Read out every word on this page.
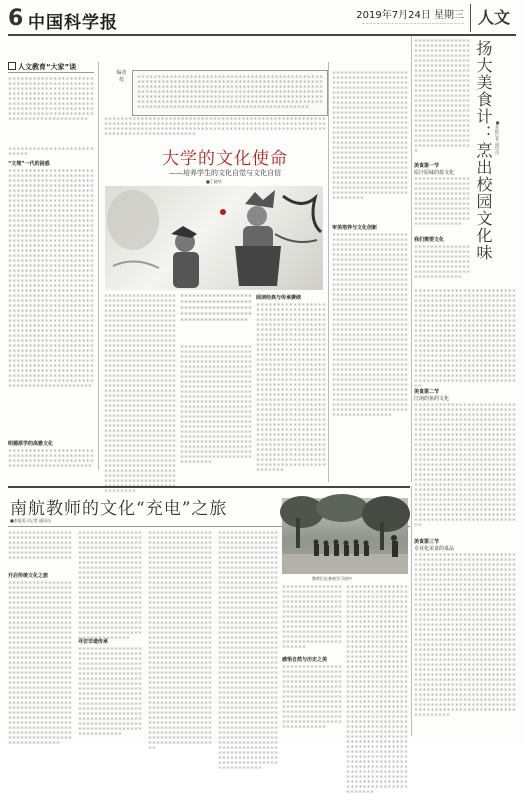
6 中国科学报	2019年7月24日 星期三
─ ─ ─ ─ ─ ─ ─ ─ ─ ─ ─ ─ ─ ─ ─ ─ ─ ─ ─ ─ ─ ─ ─ ─ ─ ─ ─ ─ 人文
人文教育“大家”谈
＊＊＊＊＊＊＊＊＊＊＊＊＊＊＊＊＊＊＊＊＊＊＊＊＊＊＊＊＊＊＊＊＊＊＊＊＊＊＊＊＊＊＊＊＊＊＊＊＊＊＊＊＊＊＊＊＊＊＊＊＊＊＊＊＊＊＊＊＊＊＊＊＊＊＊＊＊＊＊＊＊＊＊＊＊＊＊＊＊＊＊＊＊＊＊＊＊＊＊＊＊＊＊＊＊＊＊＊＊＊＊＊＊＊＊＊＊＊＊＊＊＊＊＊＊＊＊＊＊＊＊＊＊＊＊＊＊＊＊＊＊＊＊＊＊＊＊＊＊＊＊＊＊＊＊＊＊＊＊＊＊＊＊＊＊＊＊＊＊＊＊＊＊＊＊＊＊＊＊＊＊＊＊＊＊＊＊＊
＊＊＊＊＊＊＊＊＊＊＊＊＊＊＊＊＊＊＊＊＊＊＊＊＊＊
“文理”一代的困惑
＊＊＊＊＊＊＊＊＊＊＊＊＊＊＊＊＊＊＊＊＊＊＊＊＊＊＊＊＊＊＊＊＊＊＊＊＊＊＊＊＊＊＊＊＊＊＊＊＊＊＊＊＊＊＊＊＊＊＊＊＊＊＊＊＊＊＊＊＊＊＊＊＊＊＊＊＊＊＊＊＊＊＊＊＊＊＊＊＊＊＊＊＊＊＊＊＊＊＊＊＊＊＊＊＊＊＊＊＊＊＊＊＊＊＊＊＊＊＊＊＊＊＊＊＊＊＊＊＊＊＊＊＊＊＊＊＊＊＊＊＊＊＊＊＊＊＊＊＊＊＊＊＊＊＊＊＊＊＊＊＊＊＊＊＊＊＊＊＊＊＊＊＊＊＊＊＊＊＊＊＊＊＊＊＊＊＊＊＊＊＊＊＊＊＊＊＊＊＊＊＊＊＊＊＊＊＊＊＊＊＊＊＊＊＊＊＊＊＊＊＊＊＊＊＊＊＊＊＊＊＊＊＊＊＊＊＊＊＊＊＊＊＊＊＊＊＊＊＊＊＊＊＊＊＊＊＊＊＊＊＊＊＊＊＊＊＊＊＊＊＊＊＊＊＊＊＊＊＊＊＊＊＊＊＊＊＊＊＊＊＊＊＊＊＊＊＊＊＊＊＊＊＊＊＊＊＊＊＊＊＊＊＊＊＊＊＊＊＊＊＊＊＊＊＊＊＊＊＊＊＊＊＊＊＊＊＊＊＊＊＊＊＊＊＊＊＊＊＊＊＊＊＊＊＊＊＊＊＊＊＊＊＊＊＊＊＊＊＊＊＊＊＊＊＊＊＊＊＊＊＊＊＊＊＊＊＊＊＊＊＊＊＊＊＊＊＊＊＊＊＊＊＊＊＊＊＊＊＊＊＊＊＊＊＊＊＊＊＊＊＊＊＊＊＊＊＊＊＊＊＊＊＊＊＊＊＊＊＊＊＊＊＊＊＊＊＊＊＊＊＊＊＊＊＊＊＊＊＊＊＊＊＊＊＊＊＊＊＊＊＊＊＊＊＊＊＊＊＊＊＊＊＊＊＊＊＊＊＊＊＊＊＊＊＊＊＊＊＊＊＊＊＊＊＊＊＊＊＊＊＊＊＊＊＊＊＊＊＊＊＊＊＊＊＊＊＊＊＊＊＊＊＊＊＊＊＊＊＊＊＊＊＊＊＊＊＊＊＊＊＊＊＊＊＊＊＊＊＊＊＊＊＊＊＊＊＊＊＊＊＊＊＊＊＊＊＊＊＊＊＊＊＊＊＊＊＊＊＊＊＊＊＊＊＊＊＊＊＊＊＊＊＊＊＊＊＊＊＊＊＊＊＊＊＊＊＊＊＊＊＊＊＊＊＊＊＊＊＊＊＊＊＊＊＊＊＊＊＊＊＊＊＊＊＊＊＊＊＊＊＊＊＊＊＊＊＊＊＊＊＊＊＊＊＊＊＊＊＊＊＊＊＊＊＊＊＊＊＊＊＊＊＊＊＊＊＊＊＊＊＊＊＊＊＊＊＊＊＊＊＊＊＊＊＊＊＊＊＊＊＊＊＊＊＊＊＊＊＊＊＊＊＊＊＊＊＊＊＊＊＊＊＊＊＊＊＊＊＊＊＊＊＊＊＊＊＊＊＊＊＊＊＊＊＊＊＊＊＊＊＊＊＊＊＊＊＊＊＊＊＊＊＊＊＊＊＊＊＊＊＊＊＊＊＊＊＊＊＊＊＊＊＊＊＊＊＊＊＊＊＊＊＊＊＊＊＊＊＊＊＊＊＊＊＊＊＊＊＊＊＊＊＊＊＊＊＊＊＊＊＊＊＊＊＊＊＊＊＊＊＊＊＊＊＊＊＊＊＊＊＊＊＊＊＊＊＊＊＊＊＊＊＊＊＊＊＊＊＊＊＊＊＊＊＊＊＊＊＊＊＊＊＊＊＊＊＊＊＊＊＊＊＊＊＊＊＊＊＊＊＊＊＊＊＊＊＊＊＊＊＊＊＊＊＊＊＊＊＊＊＊＊＊＊
明德厚学的高雅文化
＊＊＊＊＊＊＊＊＊＊＊＊＊＊＊＊＊＊＊＊＊＊＊＊＊＊＊＊＊＊＊＊＊＊＊＊＊＊＊＊＊＊＊＊＊＊＊＊＊＊＊＊＊＊＊＊＊＊＊＊＊＊＊＊＊＊＊＊＊＊＊＊＊＊＊＊＊＊＊＊＊＊＊＊
编者按
＊＊＊＊＊＊＊＊＊＊＊＊＊＊＊＊＊＊＊＊＊＊＊＊＊＊＊＊＊＊＊＊＊＊＊＊＊＊＊＊＊＊＊＊＊＊＊＊＊＊＊＊＊＊＊＊＊＊＊＊＊＊＊＊＊＊＊＊＊＊＊＊＊＊＊＊＊＊＊＊＊＊＊＊＊＊＊＊＊＊＊＊＊＊＊＊＊＊＊＊＊＊＊＊＊＊＊＊＊＊＊＊＊＊＊＊＊＊＊＊＊＊＊＊＊＊＊＊＊＊＊＊＊＊＊＊＊＊＊＊＊＊＊＊＊＊＊＊＊＊＊＊＊＊＊＊＊＊＊＊＊＊＊＊＊＊＊＊＊＊＊＊＊＊＊＊＊＊＊＊＊＊＊＊＊＊＊＊＊＊＊＊＊＊＊＊＊＊＊＊＊＊＊＊＊＊＊＊＊＊＊＊＊＊＊＊＊＊＊＊＊＊＊＊＊＊＊＊＊＊＊＊＊＊＊＊＊＊＊＊＊＊＊＊＊＊＊＊＊＊＊＊＊＊＊＊＊＊＊＊＊＊＊＊＊＊＊＊＊＊＊＊＊＊＊＊＊＊＊＊＊＊＊＊＊＊＊＊＊＊＊＊＊＊＊＊＊＊＊＊＊＊＊＊＊＊＊＊＊＊＊＊＊＊＊＊＊＊＊
＊＊＊＊＊＊＊＊＊＊＊＊＊＊＊＊＊＊＊＊＊＊＊＊＊＊＊＊＊＊＊＊＊＊＊＊＊＊＊＊＊＊＊＊＊＊＊＊＊＊＊＊＊＊＊＊＊＊＊＊＊＊＊＊＊＊＊＊＊＊＊＊＊＊＊＊＊＊＊＊＊＊＊＊＊＊＊＊＊＊＊＊＊＊＊＊＊＊＊＊＊＊＊＊＊＊＊＊＊＊＊＊＊＊＊＊＊＊＊＊＊＊＊＊＊＊＊＊＊＊＊＊＊＊＊＊＊＊＊＊＊＊＊＊＊＊＊＊＊＊＊＊＊＊＊＊＊＊＊＊＊＊＊＊＊＊＊＊＊＊＊＊＊＊＊＊＊＊＊＊＊＊＊＊＊＊＊＊
大学的文化使命
——培养学生的文化自觉与文化自信
■丁晓华
＊＊＊＊＊＊＊＊＊＊＊＊＊＊＊＊＊＊＊＊＊＊＊＊＊＊＊＊＊＊＊＊＊＊＊＊＊＊＊＊＊＊＊＊＊＊＊＊＊＊＊＊＊＊＊＊＊＊＊＊＊＊＊＊＊＊＊＊＊＊＊＊＊＊＊＊＊＊＊＊＊＊＊＊＊＊＊＊＊＊＊＊＊＊＊＊＊＊＊＊＊＊＊＊＊＊＊＊＊＊＊＊＊＊＊＊＊＊＊＊＊＊＊＊＊＊＊＊＊＊＊＊＊＊＊＊＊＊＊＊＊＊＊＊＊＊＊＊＊＊＊＊＊＊＊＊＊＊＊＊＊＊＊＊＊＊＊＊＊＊＊＊＊＊＊＊＊＊＊＊＊＊＊＊＊＊＊＊＊＊＊＊＊＊＊＊＊＊＊＊＊＊＊＊＊＊＊＊＊＊＊＊＊＊＊＊＊＊＊＊＊＊＊＊＊＊＊＊＊＊＊＊＊＊＊＊＊＊＊＊＊＊＊＊＊＊＊＊＊＊＊＊＊＊＊＊＊＊＊＊＊＊＊＊＊＊＊＊＊＊＊＊＊＊＊＊＊＊＊＊＊＊＊＊＊＊＊＊＊＊＊＊＊＊＊＊＊＊＊＊＊＊＊＊＊＊＊＊＊＊＊＊＊＊＊＊＊＊＊＊＊＊＊＊＊＊＊＊＊＊＊＊＊＊＊＊＊＊＊＊＊＊＊＊＊＊＊＊＊＊＊＊＊＊＊＊＊＊＊＊＊＊＊＊＊＊＊＊＊＊＊＊＊＊＊＊＊＊＊＊＊＊＊＊＊＊＊＊＊＊＊＊＊＊＊＊＊＊＊＊＊＊＊＊＊＊＊＊＊＊＊＊＊＊＊＊＊＊＊＊＊＊＊＊＊＊＊＊＊＊＊＊＊＊＊＊＊＊＊＊＊＊＊＊＊＊＊＊＊＊＊＊＊＊＊＊＊＊＊＊＊＊＊＊＊＊＊＊＊＊＊＊＊＊＊＊＊＊＊＊＊＊＊＊＊＊＊＊＊＊＊＊＊＊＊＊＊＊＊＊＊＊＊＊＊＊＊＊＊＊＊＊＊＊＊＊＊＊＊＊＊＊＊＊＊＊＊＊＊＊＊＊＊＊＊＊＊＊＊＊＊＊＊＊＊＊＊＊＊＊＊＊＊＊＊＊＊＊＊＊＊＊＊＊＊＊＊＊＊＊＊＊＊＊＊＊＊＊＊＊＊＊＊＊＊＊＊＊＊＊＊＊＊＊＊＊＊＊＊＊＊＊＊＊＊＊＊＊＊＊＊＊＊＊＊＊＊＊＊＊＊＊＊＊＊＊＊＊＊＊＊＊＊＊＊＊＊＊＊＊＊＊＊＊＊＊＊＊＊＊＊＊＊＊＊＊＊＊＊＊＊＊＊＊＊＊＊＊＊＊＊＊＊＊＊＊＊＊＊＊＊＊＊＊ ＊＊＊＊＊＊＊＊
＊＊＊＊＊＊＊＊＊＊＊＊＊＊＊＊＊＊＊＊＊＊＊＊＊＊＊＊＊＊＊＊＊＊＊＊＊＊＊＊＊＊＊＊＊＊＊＊＊＊＊＊＊＊＊＊＊＊＊＊＊＊＊＊＊＊＊＊＊＊＊＊＊＊＊＊＊＊＊＊＊＊＊＊＊＊＊＊＊
＊＊＊＊＊＊＊＊＊＊＊＊＊＊＊＊＊＊＊＊＊＊＊＊＊＊＊＊＊＊＊＊＊＊＊＊＊＊＊＊＊＊＊＊＊＊＊＊＊＊＊＊＊＊＊＊＊＊＊＊＊＊＊＊＊＊＊＊＊＊＊＊＊＊＊＊＊＊＊＊＊＊＊＊＊＊＊＊＊＊＊＊＊＊＊＊＊＊＊＊＊＊＊＊＊＊＊＊＊＊＊＊＊＊＊＊＊＊＊＊＊＊＊＊＊＊＊＊＊＊＊＊＊＊＊＊＊＊＊＊＊＊＊＊＊＊＊＊＊＊＊＊＊＊＊＊＊＊＊＊＊＊＊＊＊＊＊＊＊＊＊＊＊＊＊＊＊＊＊＊＊＊＊＊＊＊＊＊＊＊＊＊＊＊＊＊＊＊＊＊＊＊＊＊＊＊＊＊＊＊＊＊＊＊＊＊＊＊＊＊＊＊＊＊＊＊＊＊＊＊＊＊＊＊＊＊＊＊＊＊＊＊＊＊＊＊＊＊＊＊＊＊＊＊＊＊＊＊＊＊＊＊＊＊＊＊＊＊＊＊＊＊＊＊＊＊＊＊＊＊＊＊＊＊＊＊＊＊＊＊＊＊＊＊＊＊＊＊＊＊＊＊＊＊＊＊＊＊＊＊＊＊＊＊＊＊＊＊＊＊＊＊＊＊＊＊＊＊＊＊＊＊＊＊＊＊＊＊＊＊＊＊＊＊＊＊＊＊＊＊＊＊＊＊＊＊＊＊＊＊＊＊＊＊＊＊＊＊＊＊＊＊＊＊＊＊＊＊＊＊＊＊＊＊＊＊＊＊＊＊＊＊＊＊＊＊＊＊＊＊＊＊＊＊＊＊＊＊＊＊＊＊＊＊＊＊＊＊＊＊＊＊
阅读经典与传承赓续
＊＊＊＊＊＊＊＊＊＊＊＊＊＊＊＊＊＊＊＊＊＊＊＊＊＊＊＊＊＊＊＊＊＊＊＊＊＊＊＊＊＊＊＊＊＊＊＊＊＊＊＊＊＊＊＊＊＊＊＊＊＊＊＊＊＊＊＊＊＊＊＊＊＊＊＊＊＊＊＊＊＊＊＊＊＊＊＊＊＊＊＊＊＊＊＊＊＊＊＊＊＊＊＊＊＊＊＊＊＊＊＊＊＊＊＊＊＊＊＊＊＊＊＊＊＊＊＊＊＊＊＊＊＊＊＊＊＊＊＊＊＊＊＊＊＊＊＊＊＊＊＊＊＊＊＊＊＊＊＊＊＊＊＊＊＊＊＊＊＊＊＊＊＊＊＊＊＊＊＊＊＊＊＊＊＊＊＊＊＊＊＊＊＊＊＊＊＊＊＊＊＊＊＊＊＊＊＊＊＊＊＊＊＊＊＊＊＊＊＊＊＊＊＊＊＊＊＊＊＊＊＊＊＊＊＊＊＊＊＊＊＊＊＊＊＊＊＊＊＊＊＊＊＊＊＊＊＊＊＊＊＊＊＊＊＊＊＊＊＊＊＊＊＊＊＊＊＊＊＊＊＊＊＊＊＊＊＊＊＊＊＊＊＊＊＊＊＊＊＊＊＊＊＊＊＊＊＊＊＊＊＊＊＊＊＊＊＊＊＊＊＊＊＊＊＊＊＊＊＊＊＊＊＊＊＊＊＊＊＊＊＊＊＊＊＊＊＊＊＊＊＊＊＊＊＊＊＊＊＊＊＊＊＊＊＊＊＊＊＊＊＊＊＊＊＊＊＊＊＊＊＊＊＊＊＊＊＊＊＊＊＊＊＊＊＊＊＊＊＊＊＊＊＊＊＊＊＊＊＊＊＊＊＊＊＊＊＊＊＊＊＊＊＊＊＊＊＊＊＊＊＊＊＊＊＊＊＊＊＊＊＊＊＊＊＊＊＊＊＊＊＊＊＊＊＊＊＊＊＊＊＊＊＊＊＊＊＊＊＊＊＊＊＊＊＊＊＊＊＊＊＊＊＊＊＊＊＊＊＊＊＊＊＊＊＊＊＊＊＊＊＊＊＊＊＊＊＊＊＊＊＊＊＊＊＊＊＊＊＊＊＊＊＊＊＊＊＊＊＊＊＊＊＊＊＊＊＊＊＊＊＊＊＊＊＊＊＊＊＊＊＊＊＊＊＊＊＊＊＊＊＊＊＊＊＊＊＊
＊＊＊＊＊＊＊＊＊＊＊＊＊＊＊＊＊＊＊＊＊＊＊＊＊＊＊＊＊＊＊＊＊＊＊＊＊＊＊＊＊＊＊＊＊＊＊＊＊＊＊＊＊＊＊＊＊＊＊＊＊＊＊＊＊＊＊＊＊＊＊＊＊＊＊＊＊＊＊＊＊＊＊＊＊＊＊＊＊＊＊＊＊＊＊＊＊＊＊＊＊＊＊＊＊＊＊＊＊＊＊＊＊＊＊＊＊＊＊＊＊＊＊＊＊＊＊＊＊＊＊＊＊＊＊＊＊＊＊＊＊＊＊＊＊＊＊＊＊＊＊＊＊＊＊＊＊＊＊＊＊＊＊＊＊＊＊＊＊＊＊＊＊＊＊＊＊＊＊＊＊＊＊＊＊＊＊＊＊＊＊＊＊＊＊＊＊＊＊＊＊＊＊＊＊＊＊＊＊＊＊＊＊＊＊＊＊＊＊＊＊＊＊＊＊＊＊＊＊＊＊＊＊＊＊＊＊＊＊＊＊＊＊＊＊＊＊＊＊＊＊＊＊＊＊＊＊＊＊＊＊＊＊＊＊＊＊＊＊＊＊＊＊＊＊＊＊＊＊＊＊＊＊＊＊＊＊＊＊＊＊＊＊＊＊＊＊＊＊＊＊＊＊＊＊＊＊＊＊＊＊＊＊＊＊＊＊＊＊＊＊＊＊＊＊＊＊＊＊＊＊＊＊＊＊＊＊＊＊＊＊＊＊＊＊＊＊＊＊＊＊＊＊＊＊＊＊＊＊＊＊＊＊＊＊＊＊＊＊＊＊＊＊＊＊＊＊＊＊＊＊＊＊＊＊＊＊＊＊＊＊＊＊＊＊＊＊＊＊＊＊＊＊＊＊＊＊＊＊＊＊＊＊＊＊＊＊＊＊＊＊＊＊＊＊＊＊＊＊＊＊＊＊＊＊＊＊＊＊＊＊＊＊＊＊＊＊＊＊＊＊＊＊＊＊＊＊＊＊＊＊＊＊＊＊＊＊＊＊＊＊＊＊＊＊＊＊＊＊＊＊＊＊
审美培养与文化创新
＊＊＊＊＊＊＊＊＊＊＊＊＊＊＊＊＊＊＊＊＊＊＊＊＊＊＊＊＊＊＊＊＊＊＊＊＊＊＊＊＊＊＊＊＊＊＊＊＊＊＊＊＊＊＊＊＊＊＊＊＊＊＊＊＊＊＊＊＊＊＊＊＊＊＊＊＊＊＊＊＊＊＊＊＊＊＊＊＊＊＊＊＊＊＊＊＊＊＊＊＊＊＊＊＊＊＊＊＊＊＊＊＊＊＊＊＊＊＊＊＊＊＊＊＊＊＊＊＊＊＊＊＊＊＊＊＊＊＊＊＊＊＊＊＊＊＊＊＊＊＊＊＊＊＊＊＊＊＊＊＊＊＊＊＊＊＊＊＊＊＊＊＊＊＊＊＊＊＊＊＊＊＊＊＊＊＊＊＊＊＊＊＊＊＊＊＊＊＊＊＊＊＊＊＊＊＊＊＊＊＊＊＊＊＊＊＊＊＊＊＊＊＊＊＊＊＊＊＊＊＊＊＊＊＊＊＊＊＊＊＊＊＊＊＊＊＊＊＊＊＊＊＊＊＊＊＊＊＊＊＊＊＊＊＊＊＊＊＊＊＊＊＊＊＊＊＊＊＊＊＊＊＊＊＊＊＊＊＊＊＊＊＊＊＊＊＊＊＊＊＊＊＊＊＊＊＊＊＊＊＊＊＊＊＊＊＊＊＊＊＊＊＊＊＊＊＊＊＊＊＊＊＊＊＊＊＊＊＊＊＊＊＊＊＊＊＊＊＊＊＊＊＊＊＊＊＊＊＊＊＊＊＊＊＊＊＊＊＊＊＊＊＊＊＊＊＊＊＊＊＊＊＊＊＊＊＊＊＊＊＊＊＊＊＊＊＊＊＊＊＊＊＊＊＊＊＊＊＊＊＊＊＊＊＊＊＊＊＊＊＊＊＊＊＊＊＊＊＊＊＊＊＊＊＊＊＊＊＊＊＊＊＊＊＊＊＊＊＊＊＊＊＊＊＊＊＊＊＊＊＊＊＊＊＊＊＊＊＊＊＊＊＊＊＊＊＊＊＊＊＊＊＊＊＊＊＊＊＊＊＊＊＊＊＊＊＊＊＊＊＊＊＊＊＊＊＊＊＊＊＊＊＊＊＊＊＊＊＊＊＊＊＊＊＊＊＊＊＊＊＊＊＊＊＊＊＊＊＊＊＊＊＊＊＊＊＊＊＊＊＊＊＊＊＊＊＊＊＊＊＊＊＊＊＊＊＊＊＊＊＊＊＊＊＊＊＊＊＊＊＊＊＊＊＊＊＊＊＊＊＊＊＊＊＊＊＊＊＊＊＊＊＊＊＊＊＊＊＊＊＊＊＊＊＊＊＊＊＊＊＊＊＊＊＊＊＊＊＊＊＊＊＊＊＊＊＊＊＊＊＊＊＊＊＊＊＊＊＊＊＊＊＊＊＊＊＊＊＊＊＊＊＊＊＊＊＊＊＊＊＊＊＊＊＊＊＊＊＊＊＊＊＊＊＊＊＊＊＊＊＊＊＊＊＊＊＊＊＊
＊＊＊＊＊＊＊＊＊＊＊＊＊＊＊＊＊＊＊＊＊＊＊＊＊＊＊＊＊＊＊＊＊＊＊＊＊＊＊＊＊＊＊＊＊＊＊＊＊＊＊＊＊＊＊＊＊＊＊＊＊＊＊＊＊＊＊＊＊＊＊＊＊＊＊＊＊＊＊＊＊＊＊＊＊＊＊＊＊＊＊＊＊＊＊＊＊＊＊＊＊＊＊＊＊＊＊＊＊＊＊＊＊＊＊＊＊＊＊＊＊＊＊＊＊＊＊＊＊＊＊＊＊＊＊＊＊＊＊＊＊＊＊＊＊＊＊＊＊＊＊＊＊＊＊＊＊＊＊＊＊＊＊＊＊＊＊＊＊＊＊＊＊＊＊＊＊＊＊＊＊＊＊＊＊＊＊＊＊＊＊＊＊＊＊＊＊＊＊＊＊＊＊＊＊＊＊＊＊＊＊＊＊＊＊＊＊＊＊＊＊＊＊＊＊＊＊＊＊＊＊＊＊＊＊＊＊＊＊＊＊＊＊＊＊＊＊＊＊＊＊＊＊＊＊＊＊＊＊＊＊＊＊＊＊＊＊＊＊＊＊＊＊＊＊＊＊＊＊＊＊＊＊＊＊＊＊＊＊＊＊＊＊＊＊＊＊＊＊＊＊＊＊＊＊＊＊＊＊	扬大美食计：烹出校园文化味 ■本报记者 通讯员
美食第一节
原汁原味的盐文化
＊＊＊＊＊＊＊＊＊＊＊＊＊＊＊＊＊＊＊＊＊＊＊＊＊＊＊＊＊＊＊＊＊＊＊＊＊＊＊＊＊＊＊＊＊＊＊＊＊＊＊＊＊＊＊＊＊＊＊＊＊＊＊＊＊＊＊＊＊＊＊＊＊＊＊＊＊＊＊＊＊＊＊＊＊＊＊＊＊＊＊＊＊＊＊＊＊＊＊＊＊＊＊＊＊＊＊＊＊＊＊＊＊＊＊＊＊＊＊＊＊＊＊＊＊＊＊＊＊＊＊＊＊＊＊＊＊＊
我们需要文化
＊＊＊＊＊＊＊＊＊＊＊＊＊＊＊＊＊＊＊＊＊＊＊＊＊＊＊＊＊＊＊＊＊＊＊＊＊＊＊＊＊＊＊＊＊＊＊＊＊＊＊＊＊＊＊＊＊＊＊＊＊＊＊＊＊＊＊＊＊＊＊＊＊＊＊＊＊＊＊＊＊＊＊＊＊＊＊＊＊＊＊＊＊＊＊＊
＊＊＊＊＊＊＊＊＊＊＊＊＊＊＊＊＊＊＊＊＊＊＊＊＊＊＊＊＊＊＊＊＊＊＊＊＊＊＊＊＊＊＊＊＊＊＊＊＊＊＊＊＊＊＊＊＊＊＊＊＊＊＊＊＊＊＊＊＊＊＊＊＊＊＊＊＊＊＊＊＊＊＊＊＊＊＊＊＊＊＊＊＊＊＊＊＊＊＊＊＊＊＊＊＊＊＊＊＊＊＊＊＊＊＊＊＊＊＊＊＊＊＊＊＊＊＊＊＊＊＊＊＊＊＊＊＊＊＊＊＊＊＊＊＊＊＊＊＊＊＊＊＊＊＊＊＊＊＊＊＊＊＊＊＊＊＊＊＊＊＊＊＊＊＊＊＊＊＊＊＊＊＊＊＊＊＊＊＊＊＊＊＊＊＊＊＊＊＊＊＊＊＊＊＊＊＊＊＊＊＊＊＊＊＊＊＊＊＊＊＊＊＊＊＊＊＊＊＊＊＊＊＊＊＊＊＊＊＊＊＊＊＊＊＊＊＊＊＊＊＊＊＊＊＊＊＊＊＊＊＊＊＊＊＊＊＊＊＊＊＊＊＊＊＊＊＊＊＊＊＊＊＊＊＊＊＊＊＊＊＊＊＊＊＊＊＊＊＊＊＊＊＊＊＊＊＊＊＊＊＊＊＊＊＊＊＊＊＊＊＊＊＊＊＊＊＊＊＊＊＊＊＊＊＊＊＊＊＊＊＊＊＊＊＊＊＊＊＊＊＊＊＊＊＊＊＊＊＊＊＊＊＊＊＊＊＊＊＊＊＊＊＊＊＊＊＊＊＊＊＊＊＊＊＊＊＊＊＊＊＊＊＊＊＊＊＊＊＊＊＊＊＊＊＊＊＊＊＊＊＊＊＊＊＊＊＊＊＊＊＊＊＊＊＊＊＊＊＊＊＊＊＊＊＊＊＊＊＊＊＊＊＊＊＊＊＊＊＊＊＊＊＊＊＊＊＊＊＊＊＊＊＊＊＊＊＊＊＊＊＊＊＊＊＊＊＊
美食第二节
江南的鱼的文化
＊＊＊＊＊＊＊＊＊＊＊＊＊＊＊＊＊＊＊＊＊＊＊＊＊＊＊＊＊＊＊＊＊＊＊＊＊＊＊＊＊＊＊＊＊＊＊＊＊＊＊＊＊＊＊＊＊＊＊＊＊＊＊＊＊＊＊＊＊＊＊＊＊＊＊＊＊＊＊＊＊＊＊＊＊＊＊＊＊＊＊＊＊＊＊＊＊＊＊＊＊＊＊＊＊＊＊＊＊＊＊＊＊＊＊＊＊＊＊＊＊＊＊＊＊＊＊＊＊＊＊＊＊＊＊＊＊＊＊＊＊＊＊＊＊＊＊＊＊＊＊＊＊＊＊＊＊＊＊＊＊＊＊＊＊＊＊＊＊＊＊＊＊＊＊＊＊＊＊＊＊＊＊＊＊＊＊＊＊＊＊＊＊＊＊＊＊＊＊＊＊＊＊＊＊＊＊＊＊＊＊＊＊＊＊＊＊＊＊＊＊＊＊＊＊＊＊＊＊＊＊＊＊＊＊＊＊＊＊＊＊＊＊＊＊＊＊＊＊＊＊＊＊＊＊＊＊＊＊＊＊＊＊＊＊＊＊＊＊＊＊＊＊＊＊＊＊＊＊＊＊＊＊＊＊＊＊＊＊＊＊＊＊＊＊＊＊＊＊＊＊＊＊＊＊＊＊＊＊＊＊＊＊＊＊＊＊＊＊＊＊＊＊＊＊＊＊＊＊＊＊＊＊＊＊＊＊＊＊＊＊＊＊＊＊＊＊＊＊＊＊＊＊＊＊＊＊＊＊＊＊＊＊＊＊＊＊＊＊＊＊＊＊＊＊＊＊＊＊＊＊＊＊＊＊＊＊＊＊＊＊＊＊＊＊＊＊＊＊＊＊＊＊＊＊＊＊＊＊＊＊＊＊＊＊＊＊＊＊＊＊＊＊＊＊＊＊＊＊＊＊＊＊＊＊＊＊＊＊＊＊＊＊＊＊＊＊＊＊＊＊＊＊＊＊＊＊＊＊＊＊＊＊＊＊＊＊＊＊＊＊＊＊＊＊＊＊＊＊＊＊＊＊＊＊＊＊＊＊＊＊＊＊＊＊＊＊＊＊＊＊＊＊＊＊＊＊＊＊＊＊＊＊＊＊＊＊＊＊＊＊＊＊＊＊＊＊＊＊＊＊＊＊＊＊＊＊＊＊＊＊＊＊＊＊＊＊＊＊＊＊＊＊＊＊＊＊＊＊＊＊＊＊＊＊＊＊＊＊＊＊＊＊＊＊＊＊＊＊＊＊＊＊＊＊＊＊＊＊＊＊＊＊＊＊＊＊＊＊＊＊＊
美食第三节
专业化美食的菜品
＊＊＊＊＊＊＊＊＊＊＊＊＊＊＊＊＊＊＊＊＊＊＊＊＊＊＊＊＊＊＊＊＊＊＊＊＊＊＊＊＊＊＊＊＊＊＊＊＊＊＊＊＊＊＊＊＊＊＊＊＊＊＊＊＊＊＊＊＊＊＊＊＊＊＊＊＊＊＊＊＊＊＊＊＊＊＊＊＊＊＊＊＊＊＊＊＊＊＊＊＊＊＊＊＊＊＊＊＊＊＊＊＊＊＊＊＊＊＊＊＊＊＊＊＊＊＊＊＊＊＊＊＊＊＊＊＊＊＊＊＊＊＊＊＊＊＊＊＊＊＊＊＊＊＊＊＊＊＊＊＊＊＊＊＊＊＊＊＊＊＊＊＊＊＊＊＊＊＊＊＊＊＊＊＊＊＊＊＊＊＊＊＊＊＊＊＊＊＊＊＊＊＊＊＊＊＊＊＊＊＊＊＊＊＊＊＊＊＊＊＊＊＊＊＊＊＊＊＊＊＊＊＊＊＊＊＊＊＊＊＊＊＊＊＊＊＊＊＊＊＊＊＊＊＊＊＊＊＊＊＊＊＊＊＊＊＊＊＊＊＊＊＊＊＊＊＊＊＊＊＊＊＊＊＊＊＊＊＊＊＊＊＊＊＊＊＊＊＊＊＊＊＊＊＊＊＊＊＊＊＊＊＊＊＊＊＊＊＊＊＊＊＊＊＊＊＊＊＊＊＊＊＊＊＊＊＊＊＊＊＊＊＊＊＊＊＊＊＊＊＊＊＊＊＊＊＊＊＊＊＊＊＊＊＊＊＊＊＊＊＊＊＊＊＊＊＊＊＊＊＊＊＊＊＊＊＊＊＊＊＊＊＊＊＊＊＊＊＊＊＊＊＊＊＊＊＊＊＊＊＊＊＊＊＊＊＊＊＊＊＊＊＊＊＊＊＊＊＊＊＊＊＊＊＊＊＊＊＊＊＊＊＊＊＊＊＊＊＊＊＊＊＊＊＊＊＊＊＊＊＊＊＊＊＊＊＊＊＊＊＊＊＊＊＊＊＊＊＊＊＊＊＊＊＊＊＊＊＊＊＊＊＊＊＊＊＊＊＊＊＊＊＊＊＊＊＊＊＊＊＊＊＊＊＊＊＊＊＊＊＊＊＊＊＊＊＊＊＊＊＊＊＊＊＊＊＊＊＊＊＊＊＊＊＊＊＊＊＊＊＊＊＊＊＊＊＊＊＊＊＊＊＊＊＊＊＊＊＊＊＊＊＊＊＊＊＊＊＊＊＊＊＊＊＊＊＊＊＊＊＊＊＊＊＊＊＊＊＊＊＊＊＊＊＊＊＊＊＊＊＊＊＊＊＊＊＊＊＊＊＊＊＊＊＊＊＊＊＊＊＊＊＊＊＊＊＊＊＊＊＊＊＊＊＊＊＊＊＊＊＊＊＊＊＊＊＊＊＊＊＊＊＊＊＊＊＊＊＊＊＊＊＊＊＊＊＊＊＊＊＊＊＊＊＊＊＊＊＊＊＊＊＊＊＊＊＊＊＊＊＊＊＊＊＊＊＊＊＊＊＊＊＊＊＊＊＊＊＊＊＊＊＊＊＊＊＊＊＊＊＊＊＊＊＊＊＊＊＊＊＊＊＊＊＊＊＊＊＊＊＊＊＊＊＊＊＊＊＊＊＊＊＊＊＊＊＊＊＊＊＊＊＊＊＊＊＊＊＊＊＊＊＊＊＊＊＊＊＊＊＊＊＊＊＊＊＊＊＊＊＊＊＊＊＊＊＊＊＊
南航教师的文化“充电”之旅
■本报见习记者 通讯员
＊＊＊＊＊＊＊＊＊＊＊＊＊＊＊＊＊＊＊＊＊＊＊＊＊＊＊＊＊＊＊＊＊＊＊＊＊＊＊＊＊＊＊＊＊＊＊＊＊＊＊＊＊＊＊＊＊＊＊＊＊＊＊＊＊＊＊＊＊＊＊＊＊＊＊＊＊＊＊＊＊＊＊＊＊＊＊＊＊＊＊＊＊＊＊＊
开启传统文化之旅
＊＊＊＊＊＊＊＊＊＊＊＊＊＊＊＊＊＊＊＊＊＊＊＊＊＊＊＊＊＊＊＊＊＊＊＊＊＊＊＊＊＊＊＊＊＊＊＊＊＊＊＊＊＊＊＊＊＊＊＊＊＊＊＊＊＊＊＊＊＊＊＊＊＊＊＊＊＊＊＊＊＊＊＊＊＊＊＊＊＊＊＊＊＊＊＊＊＊＊＊＊＊＊＊＊＊＊＊＊＊＊＊＊＊＊＊＊＊＊＊＊＊＊＊＊＊＊＊＊＊＊＊＊＊＊＊＊＊＊＊＊＊＊＊＊＊＊＊＊＊＊＊＊＊＊＊＊＊＊＊＊＊＊＊＊＊＊＊＊＊＊＊＊＊＊＊＊＊＊＊＊＊＊＊＊＊＊＊＊＊＊＊＊＊＊＊＊＊＊＊＊＊＊＊＊＊＊＊＊＊＊＊＊＊＊＊＊＊＊＊＊＊＊＊＊＊＊＊＊＊＊＊＊＊＊＊＊＊＊＊＊＊＊＊＊＊＊＊＊＊＊＊＊＊＊＊＊＊＊＊＊＊＊＊＊＊＊＊＊＊＊＊＊＊＊＊＊＊＊＊＊＊＊＊＊＊＊＊＊＊＊＊＊＊＊＊＊＊＊＊＊＊＊＊＊＊＊＊＊＊＊＊＊＊＊＊＊＊＊＊＊＊＊＊＊＊＊＊＊＊＊＊＊＊＊＊＊＊＊＊＊＊＊＊＊＊＊＊＊＊＊＊＊＊＊＊＊＊＊＊＊＊＊＊＊＊＊＊＊＊＊＊＊＊＊＊＊＊＊＊＊＊＊＊＊＊＊＊＊＊＊＊＊＊＊＊＊＊＊＊＊＊＊＊＊＊＊＊＊＊＊＊＊＊＊＊＊＊＊＊＊＊＊＊＊＊＊＊＊＊＊＊＊＊＊＊＊＊＊＊＊＊＊＊＊＊＊＊＊＊＊＊＊＊＊＊＊＊＊＊＊＊＊＊＊＊＊＊＊＊＊＊＊＊＊＊＊＊＊＊＊＊＊＊＊＊＊＊＊＊＊＊＊＊＊＊＊＊＊＊＊＊＊＊＊＊＊＊＊＊＊＊＊＊＊＊＊＊＊＊＊＊＊＊＊
＊＊＊＊＊＊＊＊＊＊＊＊＊＊＊＊＊＊＊＊＊＊＊＊＊＊＊＊＊＊＊＊＊＊＊＊＊＊＊＊＊＊＊＊＊＊＊＊＊＊＊＊＊＊＊＊＊＊＊＊＊＊＊＊＊＊＊＊＊＊＊＊＊＊＊＊＊＊＊＊＊＊＊＊＊＊＊＊＊＊＊＊＊＊＊＊＊＊＊＊＊＊＊＊＊＊＊＊＊＊＊＊＊＊＊＊＊＊＊＊＊＊＊＊＊＊＊＊＊＊＊＊＊＊＊＊＊＊＊＊＊＊＊＊＊＊＊＊＊＊＊＊＊＊＊＊＊＊＊＊＊＊＊＊＊＊＊＊＊＊＊＊＊＊＊＊＊＊＊＊＊＊＊＊＊＊＊＊＊＊＊＊＊＊＊＊＊＊＊＊＊＊＊＊＊＊＊＊＊＊＊＊＊＊＊＊＊＊＊＊＊＊＊＊＊＊＊＊＊＊＊＊＊＊＊＊＊＊＊＊＊＊＊＊＊＊＊＊＊＊＊＊＊＊＊＊＊＊＊＊＊＊＊＊＊＊＊＊＊＊＊＊＊＊＊＊＊＊＊＊＊＊＊＊＊＊＊＊＊＊＊＊＊＊＊＊＊＊＊＊＊＊＊＊＊＊＊＊＊＊＊＊＊＊＊＊＊＊＊＊＊＊＊＊＊＊＊＊＊＊＊＊＊＊＊＊＊＊＊＊＊＊＊＊＊＊＊＊＊
寻访非遗传承
＊＊＊＊＊＊＊＊＊＊＊＊＊＊＊＊＊＊＊＊＊＊＊＊＊＊＊＊＊＊＊＊＊＊＊＊＊＊＊＊＊＊＊＊＊＊＊＊＊＊＊＊＊＊＊＊＊＊＊＊＊＊＊＊＊＊＊＊＊＊＊＊＊＊＊＊＊＊＊＊＊＊＊＊＊＊＊＊＊＊＊＊＊＊＊＊＊＊＊＊＊＊＊＊＊＊＊＊＊＊＊＊＊＊＊＊＊＊＊＊＊＊＊＊＊＊＊＊＊＊＊＊＊＊＊＊＊＊＊＊＊＊＊＊＊＊＊＊＊＊＊＊＊＊＊＊＊＊＊＊＊＊＊＊＊＊＊＊＊＊＊＊＊＊＊＊＊＊＊＊＊＊＊＊＊＊＊＊＊＊＊＊＊＊＊＊＊＊＊＊＊＊＊＊＊＊＊＊＊＊＊＊＊＊＊＊＊＊＊＊＊＊＊＊＊＊＊＊＊＊＊＊＊＊＊＊＊＊＊＊＊＊＊＊＊＊＊＊＊＊＊＊＊＊＊＊＊＊＊＊＊＊＊＊＊＊＊＊＊＊＊＊＊＊＊＊＊＊＊＊＊＊＊
＊＊＊＊＊＊＊＊＊＊＊＊＊＊＊＊＊＊＊＊＊＊＊＊＊＊＊＊＊＊＊＊＊＊＊＊＊＊＊＊＊＊＊＊＊＊＊＊＊＊＊＊＊＊＊＊＊＊＊＊＊＊＊＊＊＊＊＊＊＊＊＊＊＊＊＊＊＊＊＊＊＊＊＊＊＊＊＊＊＊＊＊＊＊＊＊＊＊＊＊＊＊＊＊＊＊＊＊＊＊＊＊＊＊＊＊＊＊＊＊＊＊＊＊＊＊＊＊＊＊＊＊＊＊＊＊＊＊＊＊＊＊＊＊＊＊＊＊＊＊＊＊＊＊＊＊＊＊＊＊＊＊＊＊＊＊＊＊＊＊＊＊＊＊＊＊＊＊＊＊＊＊＊＊＊＊＊＊＊＊＊＊＊＊＊＊＊＊＊＊＊＊＊＊＊＊＊＊＊＊＊＊＊＊＊＊＊＊＊＊＊＊＊＊＊＊＊＊＊＊＊＊＊＊＊＊＊＊＊＊＊＊＊＊＊＊＊＊＊＊＊＊＊＊＊＊＊＊＊＊＊＊＊＊＊＊＊＊＊＊＊＊＊＊＊＊＊＊＊＊＊＊＊＊＊＊＊＊＊＊＊＊＊＊＊＊＊＊＊＊＊＊＊＊＊＊＊＊＊＊＊＊＊＊＊＊＊＊＊＊＊＊＊＊＊＊＊＊＊＊＊＊＊＊＊＊＊＊＊＊＊＊＊＊＊＊＊＊＊＊＊＊＊＊＊＊＊＊＊＊＊＊＊＊＊＊＊＊＊＊＊＊＊＊＊＊＊＊＊＊＊＊＊＊＊＊＊＊＊＊＊＊＊＊＊＊＊＊＊＊＊＊＊＊＊＊＊＊＊＊＊＊＊＊＊＊＊＊＊＊＊＊＊＊＊＊＊＊＊＊＊＊＊＊＊＊＊＊＊＊＊＊＊＊＊＊＊＊＊＊＊＊＊＊＊＊＊＊＊＊＊＊＊＊＊＊＊＊＊＊＊＊＊＊＊＊＊＊＊＊＊＊＊＊＊＊＊＊＊＊＊＊＊＊＊＊＊＊＊＊＊＊＊＊＊＊＊＊＊＊＊＊＊＊＊＊＊＊＊＊＊＊＊＊＊＊＊＊＊＊＊＊＊＊＊＊＊＊＊＊＊＊＊＊＊＊＊＊＊＊＊＊＊＊＊＊＊＊＊＊＊＊＊＊＊＊＊＊＊＊＊＊＊＊＊＊＊＊＊＊＊＊＊＊＊＊＊＊＊＊＊＊＊＊＊＊＊＊＊＊＊＊＊＊＊＊＊＊＊＊＊＊＊＊＊＊＊＊＊＊＊＊＊＊＊＊＊＊＊＊＊＊＊＊＊＊＊＊＊＊＊＊＊＊＊＊＊＊＊＊＊＊＊＊＊＊＊＊＊＊＊＊＊＊＊＊＊＊＊＊＊＊＊＊＊＊＊＊＊＊＊＊＊＊＊＊＊＊＊＊
＊＊＊＊＊＊＊＊＊＊＊＊＊＊＊＊＊＊＊＊＊＊＊＊＊＊＊＊＊＊＊＊＊＊＊＊＊＊＊＊＊＊＊＊＊＊＊＊＊＊＊＊＊＊＊＊＊＊＊＊＊＊＊＊＊＊＊＊＊＊＊＊＊＊＊＊＊＊＊＊＊＊＊＊＊＊＊＊＊＊＊＊＊＊＊＊＊＊＊＊＊＊＊＊＊＊＊＊＊＊＊＊＊＊＊＊＊＊＊＊＊＊＊＊＊＊＊＊＊＊＊＊＊＊＊＊＊＊＊＊＊＊＊＊＊＊＊＊＊＊＊＊＊＊＊＊＊＊＊＊＊＊＊＊＊＊＊＊＊＊＊＊＊＊＊＊＊＊＊＊＊＊＊＊＊＊＊＊＊＊＊＊＊＊＊＊＊＊＊＊＊＊＊＊＊＊＊＊＊＊＊＊＊＊＊＊＊＊＊＊＊＊＊＊＊＊＊＊＊＊＊＊＊＊＊＊＊＊＊＊＊＊＊＊＊＊＊＊＊＊＊＊＊＊＊＊＊＊＊＊＊＊＊＊＊＊＊＊＊＊＊＊＊＊＊＊＊＊＊＊＊＊＊＊＊＊＊＊＊＊＊＊＊＊＊＊＊＊＊＊＊＊＊＊＊＊＊＊＊＊＊＊＊＊＊＊＊＊＊＊＊＊＊＊＊＊＊＊＊＊＊＊＊＊＊＊＊＊＊＊＊＊＊＊＊＊＊＊＊＊＊＊＊＊＊＊＊＊＊＊＊＊＊＊＊＊＊＊＊＊＊＊＊＊＊＊＊＊＊＊＊＊＊＊＊＊＊＊＊＊＊＊＊＊＊＊＊＊＊＊＊＊＊＊＊＊＊＊＊＊＊＊＊＊＊＊＊＊＊＊＊＊＊＊＊＊＊＊＊＊＊＊＊＊＊＊＊＊＊＊＊＊＊＊＊＊＊＊＊＊＊＊＊＊＊＊＊＊＊＊＊＊＊＊＊＊＊＊＊＊＊＊＊＊＊＊＊＊＊＊＊＊＊＊＊＊＊＊＊＊＊＊＊＊＊＊＊＊＊＊＊＊＊＊＊＊＊＊＊＊＊＊＊＊＊＊＊＊＊＊＊＊＊＊＊＊＊＊＊＊＊＊＊＊＊＊＊＊＊＊＊＊＊＊＊＊＊＊＊＊＊＊＊＊＊＊＊＊＊＊＊＊＊＊＊＊＊＊＊＊＊＊＊＊＊＊＊＊＊＊＊＊＊＊＊＊＊＊＊＊＊＊＊＊＊＊＊＊＊＊＊＊＊＊＊＊＊＊＊＊＊＊＊＊＊＊＊＊＊＊＊＊＊＊＊＊＊＊＊＊＊＊＊＊＊＊＊＊＊＊＊＊＊＊＊＊＊＊＊＊＊＊＊＊＊＊＊＊＊＊＊＊＊＊＊＊＊＊＊＊＊＊＊＊＊＊＊＊＊＊＊＊＊＊＊＊＊＊＊＊＊＊＊＊＊＊＊＊＊＊＊＊＊＊＊＊＊＊＊＊＊＊＊＊＊＊
教师们在参观学习途中
＊＊＊＊＊＊＊＊＊＊＊＊＊＊＊＊＊＊＊＊＊＊＊＊＊＊＊＊＊＊＊＊＊＊＊＊＊＊＊＊＊＊＊＊＊＊＊＊＊＊＊＊＊＊＊＊＊＊＊＊＊＊＊＊＊＊＊＊＊＊＊＊＊＊＊＊＊＊＊＊＊＊＊＊＊＊＊＊＊＊＊＊＊＊＊＊＊＊＊＊＊＊＊＊＊＊＊＊＊＊＊＊＊＊＊＊＊＊＊＊＊＊＊＊＊＊＊＊＊＊＊＊＊＊＊＊＊＊＊＊＊＊＊＊＊＊＊＊＊＊＊＊＊＊＊＊＊＊＊＊＊＊＊＊＊＊＊＊＊＊＊＊＊＊＊＊＊＊＊＊＊＊＊＊＊＊
感悟自然与历史之美
＊＊＊＊＊＊＊＊＊＊＊＊＊＊＊＊＊＊＊＊＊＊＊＊＊＊＊＊＊＊＊＊＊＊＊＊＊＊＊＊＊＊＊＊＊＊＊＊＊＊＊＊＊＊＊＊＊＊＊＊＊＊＊＊＊＊＊＊＊＊＊＊＊＊＊＊＊＊＊＊＊＊＊＊＊＊＊＊＊＊＊＊＊＊＊＊＊＊＊＊＊＊＊＊＊＊＊＊＊＊＊＊＊＊＊＊＊＊＊＊＊＊＊＊＊＊＊＊＊＊＊＊＊＊＊＊＊＊＊＊＊＊＊＊＊＊＊＊＊＊＊＊＊＊＊＊＊＊＊＊＊＊＊＊＊＊＊＊＊＊＊＊＊＊＊＊＊＊＊＊＊＊＊＊＊＊＊＊＊＊＊
＊＊＊＊＊＊＊＊＊＊＊＊＊＊＊＊＊＊＊＊＊＊＊＊＊＊＊＊＊＊＊＊＊＊＊＊＊＊＊＊＊＊＊＊＊＊＊＊＊＊＊＊＊＊＊＊＊＊＊＊＊＊＊＊＊＊＊＊＊＊＊＊＊＊＊＊＊＊＊＊＊＊＊＊＊＊＊＊＊＊＊＊＊＊＊＊＊＊＊＊＊＊＊＊＊＊＊＊＊＊＊＊＊＊＊＊＊＊＊＊＊＊＊＊＊＊＊＊＊＊＊＊＊＊＊＊＊＊＊＊＊＊＊＊＊＊＊＊＊＊＊＊＊＊＊＊＊＊＊＊＊＊＊＊＊＊＊＊＊＊＊＊＊＊＊＊＊＊＊＊＊＊＊＊＊＊＊＊＊＊＊＊＊＊＊＊＊＊＊＊＊＊＊＊＊＊＊＊＊＊＊＊＊＊＊＊＊＊＊＊＊＊＊＊＊＊＊＊＊＊＊＊＊＊＊＊＊＊＊＊＊＊＊＊＊＊＊＊＊＊＊＊＊＊＊＊＊＊＊＊＊＊＊＊＊＊＊＊＊＊＊＊＊＊＊＊＊＊＊＊＊＊＊＊＊＊＊＊＊＊＊＊＊＊＊＊＊＊＊＊＊＊＊＊＊＊＊＊＊＊＊＊＊＊＊＊＊＊＊＊＊＊＊＊＊＊＊＊＊＊＊＊＊＊＊＊＊＊＊＊＊＊＊＊＊＊＊＊＊＊＊＊＊＊＊＊＊＊＊＊＊＊＊＊＊＊＊＊＊＊＊＊＊＊＊＊＊＊＊＊＊＊＊＊＊＊＊＊＊＊＊＊＊＊＊＊＊＊＊＊＊＊＊＊＊＊＊＊＊＊＊＊＊＊＊＊＊＊＊＊＊＊＊＊＊＊＊＊＊＊＊＊＊＊＊＊＊＊＊＊＊＊＊＊＊＊＊＊＊＊＊＊＊＊＊＊＊＊＊＊＊＊＊＊＊＊＊＊＊＊＊＊＊＊＊＊＊＊＊＊＊＊＊＊＊＊＊＊＊＊＊＊＊＊＊＊＊＊＊＊＊＊＊＊＊＊＊＊＊＊＊＊＊＊＊＊＊＊＊＊＊＊＊＊＊＊＊＊＊＊＊＊＊＊＊＊＊＊＊＊＊＊＊＊＊＊＊＊＊＊＊＊＊＊＊＊＊＊＊＊＊＊＊＊＊＊＊＊＊＊＊＊＊＊＊＊＊＊＊＊＊＊＊＊＊＊＊＊＊＊＊＊＊＊＊＊＊＊＊＊＊＊＊＊＊＊＊＊＊＊＊＊＊＊＊＊＊＊＊＊＊＊
